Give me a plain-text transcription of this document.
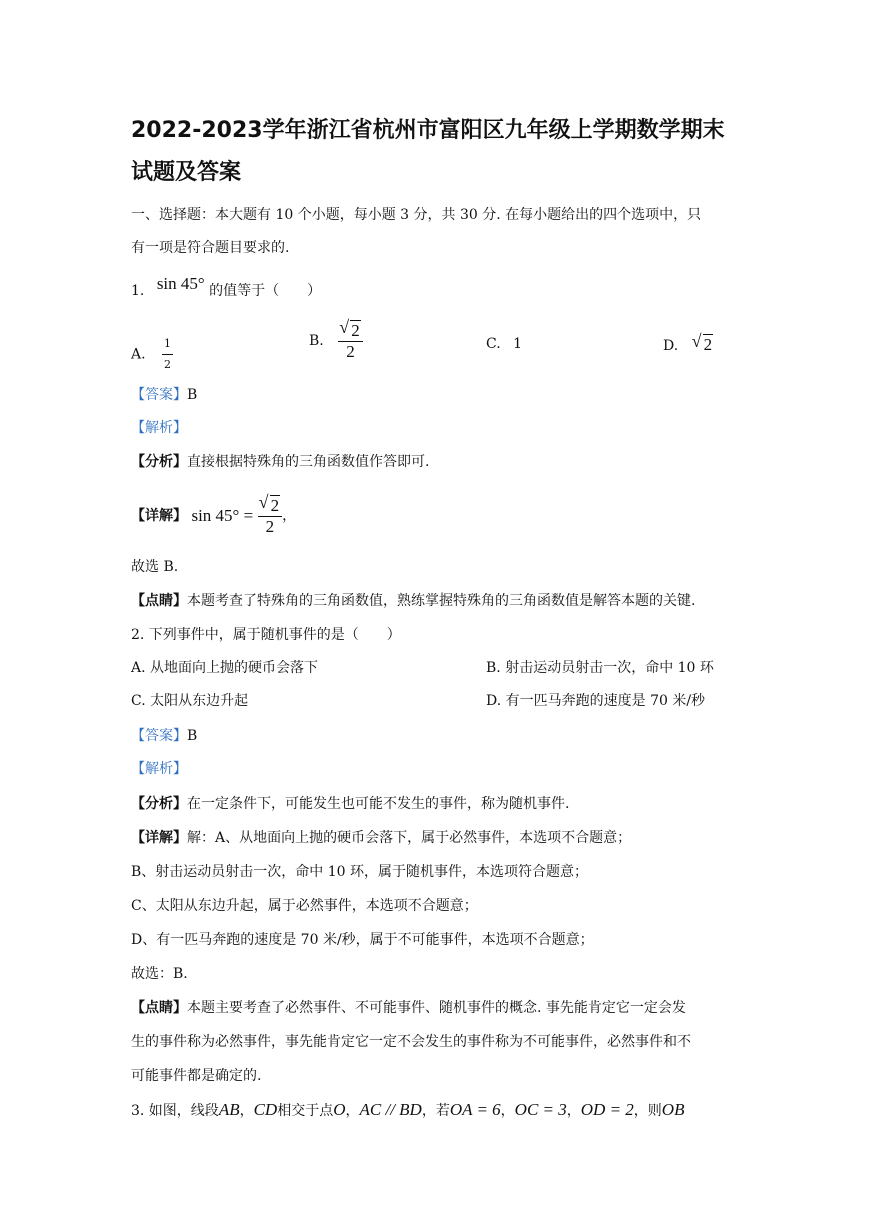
2022-2023学年浙江省杭州市富阳区九年级上学期数学期末
试题及答案
一、选择题：本大题有 10 个小题，每小题 3 分，共 30 分. 在每小题给出的四个选项中，只
有一项是符合题目要求的.
1. sin 45° 的值等于（　　）
A. $\frac{1}{2}$	B. √ $\frac{2}{2}$	C. 1	D. √ 2
【答案】B
【解析】
【分析】直接根据特殊角的三角函数值作答即可.
【详解】 sin 45° = √ $\frac{2}{2}$ ，
故选 B.
【点睛】本题考查了特殊角的三角函数值，熟练掌握特殊角的三角函数值是解答本题的关键.
2. 下列事件中，属于随机事件的是（　　）
A. 从地面向上抛的硬币会落下	B. 射击运动员射击一次，命中 10 环
C. 太阳从东边升起	D. 有一匹马奔跑的速度是 70 米/秒
【答案】B
【解析】
【分析】在一定条件下，可能发生也可能不发生的事件，称为随机事件.
【详解】解：A、从地面向上抛的硬币会落下，属于必然事件，本选项不合题意；
B、射击运动员射击一次，命中 10 环，属于随机事件，本选项符合题意；
C、太阳从东边升起，属于必然事件，本选项不合题意；
D、有一匹马奔跑的速度是 70 米/秒，属于不可能事件，本选项不合题意；
故选：B.
【点睛】本题主要考查了必然事件、不可能事件、随机事件的概念. 事先能肯定它一定会发
生的事件称为必然事件，事先能肯定它一定不会发生的事件称为不可能事件，必然事件和不
可能事件都是确定的.
3. 如图，线段AB，CD相交于点O，AC // BD，若OA = 6，OC = 3，OD = 2，则OB
